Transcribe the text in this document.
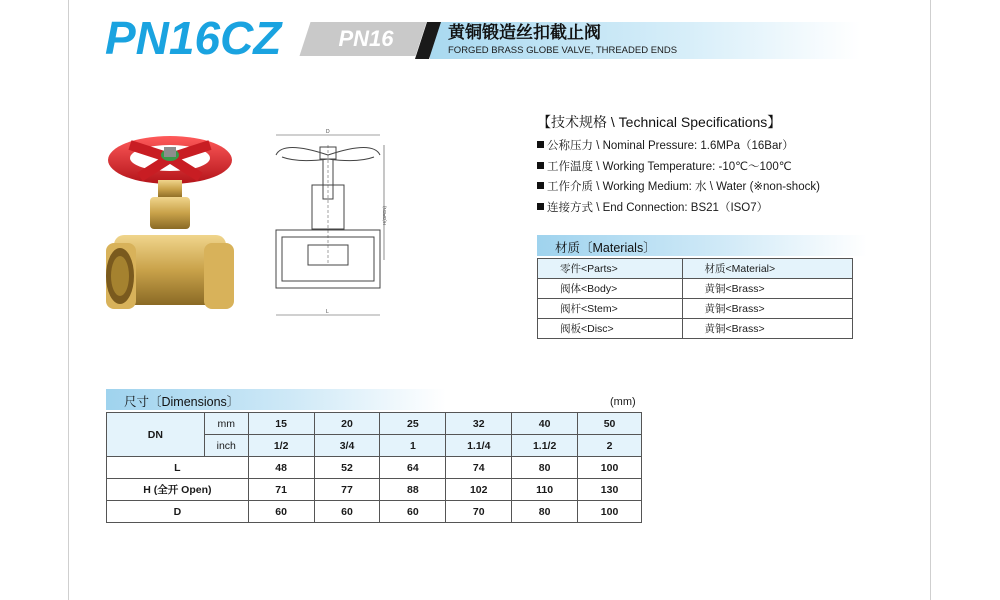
PN16CZ	PN16	黄铜锻造丝扣截止阀
FORGED BRASS GLOBE VALVE, THREADED ENDS
D
L
H(OPEN)
【技术规格 \ Technical Specifications】
公称压力 \ Nominal Pressure: 1.6MPa（16Bar）
工作温度 \ Working Temperature: -10℃～100℃
工作介质 \ Working Medium: 水 \ Water (※non-shock)
连接方式 \ End Connection: BS21（ISO7）
材质〔Materials〕
零件<Parts>	材质<Material>
阀体<Body>	黄铜<Brass>
阀杆<Stem>	黄铜<Brass>
阀板<Disc>	黄铜<Brass>
尺寸〔Dimensions〕	(mm)
DN	mm	15	20	25	32	40	50
	inch	1/2	3/4	1	1.1/4	1.1/2	2
L		48	52	64	74	80	100
H (全开 Open)		71	77	88	102	110	130
D		60	60	60	70	80	100
